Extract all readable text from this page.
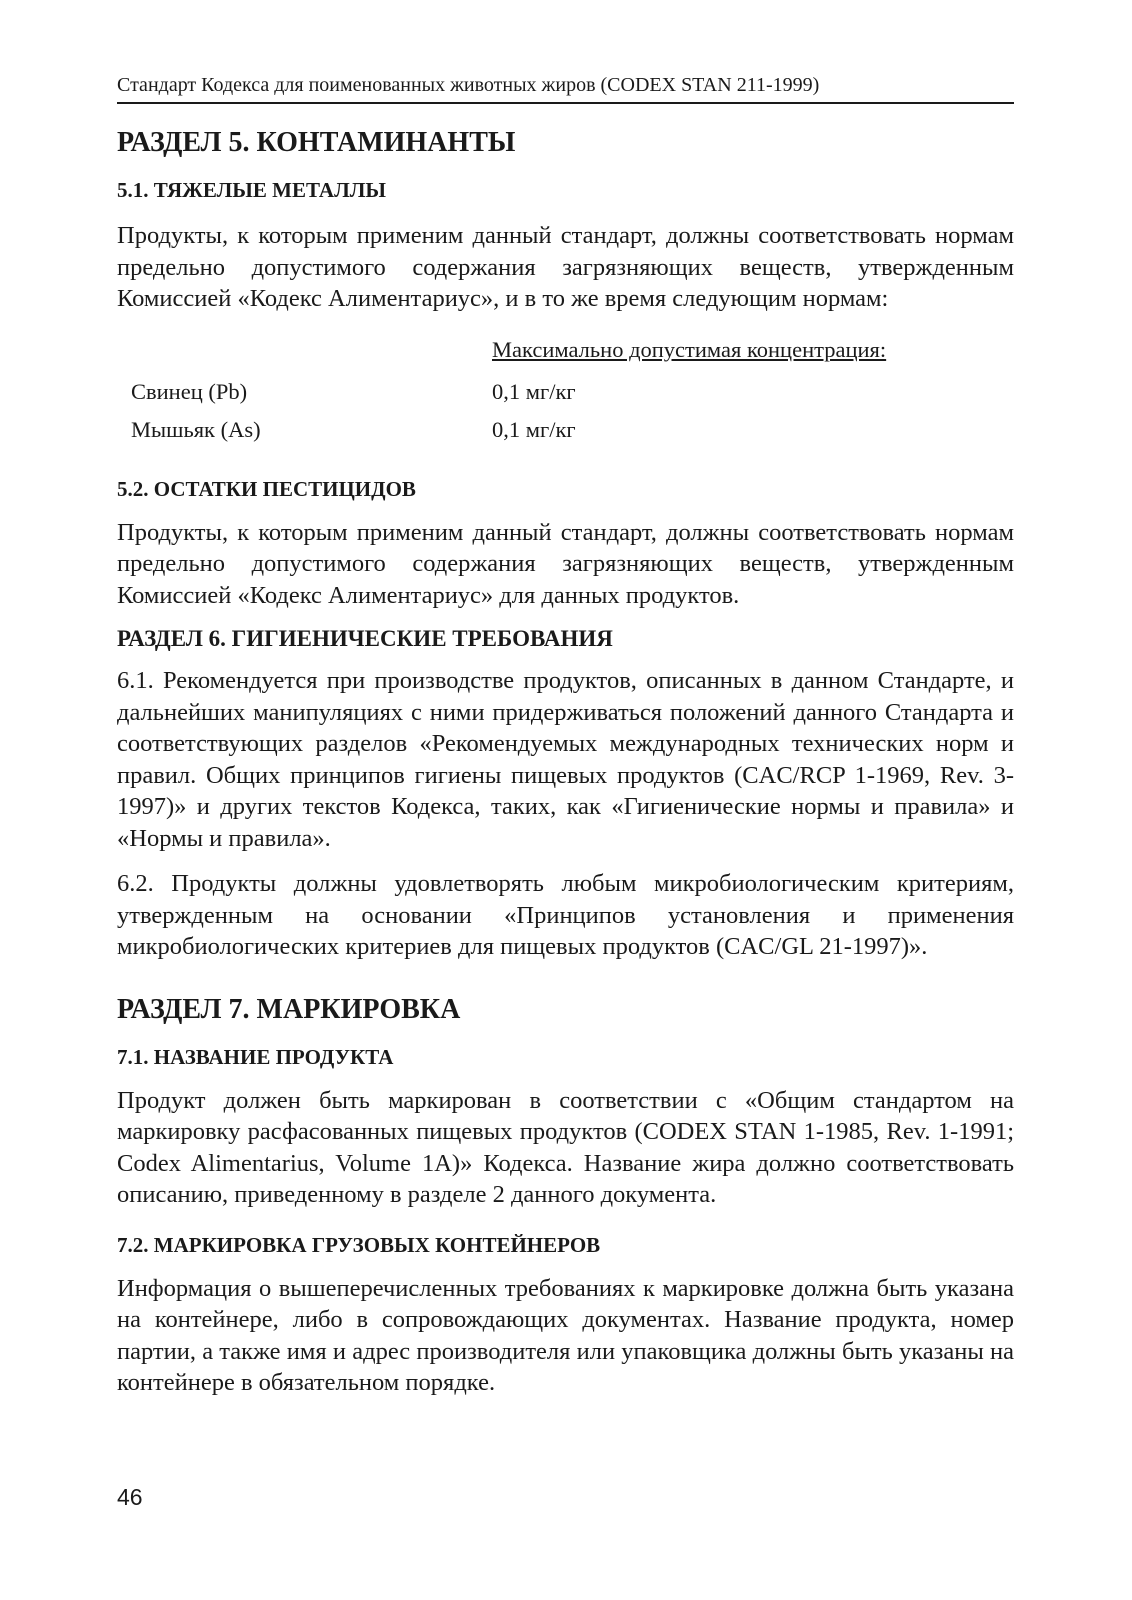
Стандарт Кодекса для поименованных животных жиров (CODEX STAN 211-1999)
РАЗДЕЛ 5. КОНТАМИНАНТЫ
5.1. ТЯЖЕЛЫЕ МЕТАЛЛЫ

Продукты, к которым применим данный стандарт, должны соответствовать нормам предельно допустимого содержания загрязняющих веществ, утвержденным Комиссией «Кодекс Алиментариус», и в то же время следующим нормам:

Максимально допустимая концентрация:
Свинец (Pb)	0,1 мг/кг
Мышьяк (As)	0,1 мг/кг
5.2. ОСТАТКИ ПЕСТИЦИДОВ

Продукты, к которым применим данный стандарт, должны соответствовать нормам предельно допустимого содержания загрязняющих веществ, утвержденным Комиссией «Кодекс Алиментариус» для данных продуктов.

РАЗДЕЛ 6. ГИГИЕНИЧЕСКИЕ ТРЕБОВАНИЯ

6.1. Рекомендуется при производстве продуктов, описанных в данном Стандарте, и дальнейших манипуляциях с ними придерживаться положений данного Стандарта и соответствующих разделов «Рекомендуемых международных технических норм и правил. Общих принципов гигиены пищевых продуктов (CAC/RCP 1-1969, Rev. 3-1997)» и других текстов Кодекса, таких, как «Гигиенические нормы и правила» и «Нормы и правила».

6.2. Продукты должны удовлетворять любым микробиологическим критериям, утвержденным на основании «Принципов установления и применения микробиологических критериев для пищевых продуктов (CAC/GL 21-1997)».

РАЗДЕЛ 7. МАРКИРОВКА
7.1. НАЗВАНИЕ ПРОДУКТА

Продукт должен быть маркирован в соответствии с «Общим стандартом на маркировку расфасованных пищевых продуктов (CODEX STAN 1-1985, Rev. 1-1991; Codex Alimentarius, Volume 1A)» Кодекса. Название жира должно соответствовать описанию, приведенному в разделе 2 данного документа.

7.2. МАРКИРОВКА ГРУЗОВЫХ КОНТЕЙНЕРОВ

Информация о вышеперечисленных требованиях к маркировке должна быть указана на контейнере, либо в сопровождающих документах. Название продукта, номер партии, а также имя и адрес производителя или упаковщика должны быть указаны на контейнере в обязательном порядке.

46
